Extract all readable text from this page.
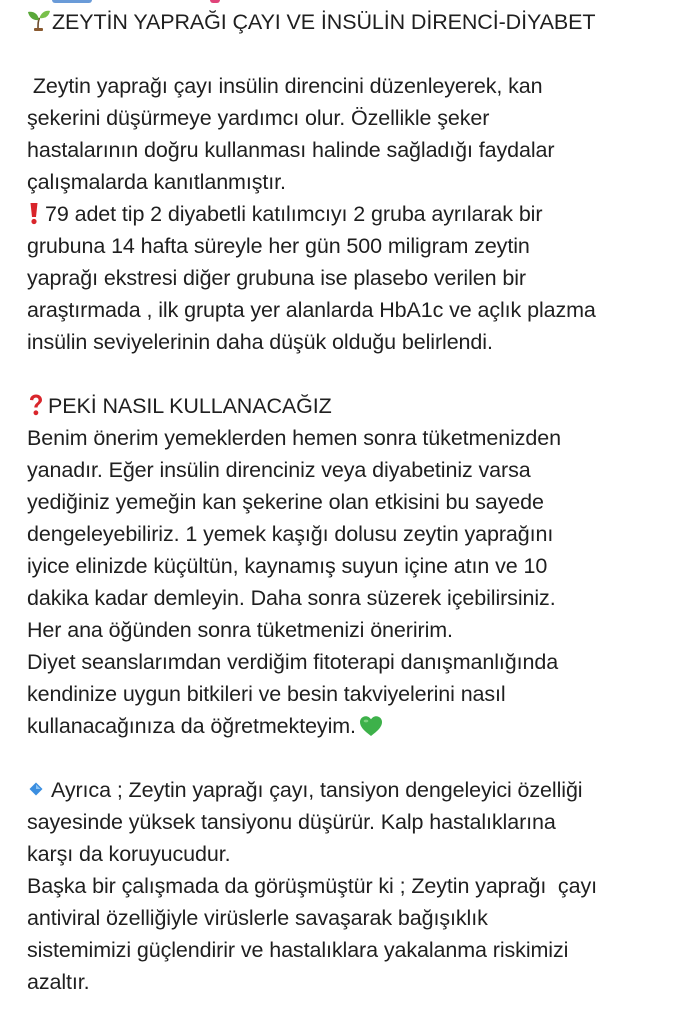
ZEYTİN YAPRAĞI ÇAYI VE İNSÜLİN DİRENCİ-DİYABET
Zeytin yaprağı çayı insülin direncini düzenleyerek, kan
şekerini düşürmeye yardımcı olur. Özellikle şeker
hastalarının doğru kullanması halinde sağladığı faydalar
çalışmalarda kanıtlanmıştır.
79 adet tip 2 diyabetli katılımcıyı 2 gruba ayrılarak bir
grubuna 14 hafta süreyle her gün 500 miligram zeytin
yaprağı ekstresi diğer grubuna ise plasebo verilen bir
araştırmada , ilk grupta yer alanlarda HbA1c ve açlık plazma
insülin seviyelerinin daha düşük olduğu belirlendi.
PEKİ NASIL KULLANACAĞIZ
Benim önerim yemeklerden hemen sonra tüketmenizden
yanadır. Eğer insülin direnciniz veya diyabetiniz varsa
yediğiniz yemeğin kan şekerine olan etkisini bu sayede
dengeleyebiliriz. 1 yemek kaşığı dolusu zeytin yaprağını
iyice elinizde küçültün, kaynamış suyun içine atın ve 10
dakika kadar demleyin. Daha sonra süzerek içebilirsiniz.
Her ana öğünden sonra tüketmenizi öneririm.
Diyet seanslarımdan verdiğim fitoterapi danışmanlığında
kendinize uygun bitkileri ve besin takviyelerini nasıl
kullanacağınıza da öğretmekteyim.
Ayrıca ; Zeytin yaprağı çayı, tansiyon dengeleyici özelliği
sayesinde yüksek tansiyonu düşürür. Kalp hastalıklarına
karşı da koruyucudur.
Başka bir çalışmada da görüşmüştür ki ; Zeytin yaprağı  çayı
antiviral özelliğiyle virüslerle savaşarak bağışıklık
sistemimizi güçlendirir ve hastalıklara yakalanma riskimizi
azaltır.
